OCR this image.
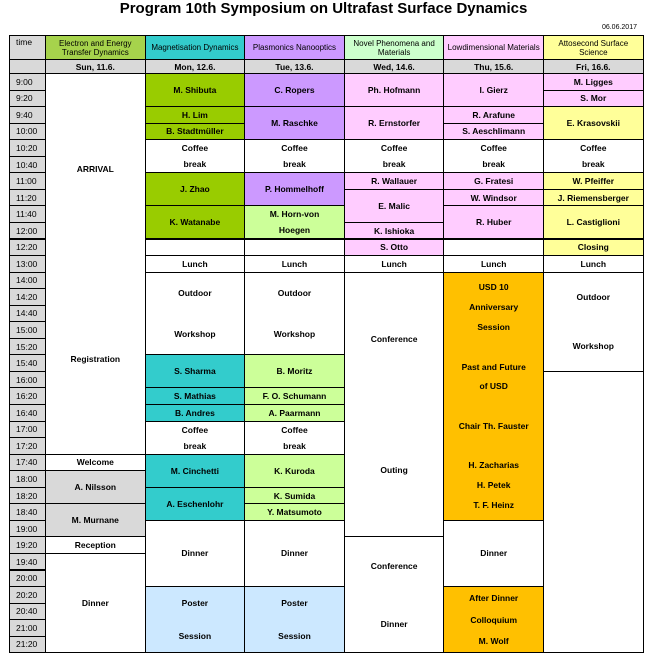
Program 10th Symposium on Ultrafast Surface Dynamics
06.06.2017
time	Electron and Energy Transfer Dynamics
Sun, 11.6.
Magnetisation Dynamics
Mon, 12.6.
Plasmonics Nanooptics
Tue, 13.6.
Novel Phenomena and Materials
Wed, 14.6.
Lowdimensional Materials
Thu, 15.6.
Attosecond Surface Science
Fri, 16.6.
9:00
9:20
9:40
10:00
10:20
10:40
11:00
11:20
11:40
12:00
12:20
13:00
14:00
14:20
14:40
15:00
15:20
15:40
16:00
16:20
16:40
17:00
17:20
17:40
18:00
18:20
18:40
19:00
19:20
19:40
20:00
20:20
20:40
21:00
21:20
ARRIVAL
Registration
Welcome
A. Nilsson
M. Murnane
Reception
Dinner
M. Shibuta
H. Lim
B. Stadtmüller
Coffee
break
J. Zhao
K. Watanabe

Lunch
Outdoor
Workshop
S. Sharma
S. Mathias
B. Andres
Coffee
break
M. Cinchetti
A. Eschenlohr
Dinner
Poster
Session
C. Ropers
M. Raschke
Coffee
break
P. Hommelhoff
M. Horn-von
Hoegen

Lunch
Outdoor
Workshop
B. Moritz
F. O. Schumann
A. Paarmann
Coffee
break
K. Kuroda
K. Sumida
Y. Matsumoto
Dinner
Poster
Session
Ph. Hofmann
R. Ernstorfer
Coffee
break
R. Wallauer
E. Malic
K. Ishioka
S. Otto
Lunch
Conference
Outing
Conference
Dinner
I. Gierz
R. Arafune
S. Aeschlimann
Coffee
break
G. Fratesi
W. Windsor
R. Huber

Lunch
USD 10
Anniversary
Session

Past and Future
of USD

Chair Th. Fauster

H. Zacharias
H. Petek
T. F. Heinz
Dinner
After Dinner
Colloquium
M. Wolf
M. Ligges
S. Mor
E. Krasovskii
Coffee
break
W. Pfeiffer
J. Riemensberger
L. Castiglioni
Closing
Lunch
Outdoor
Workshop
